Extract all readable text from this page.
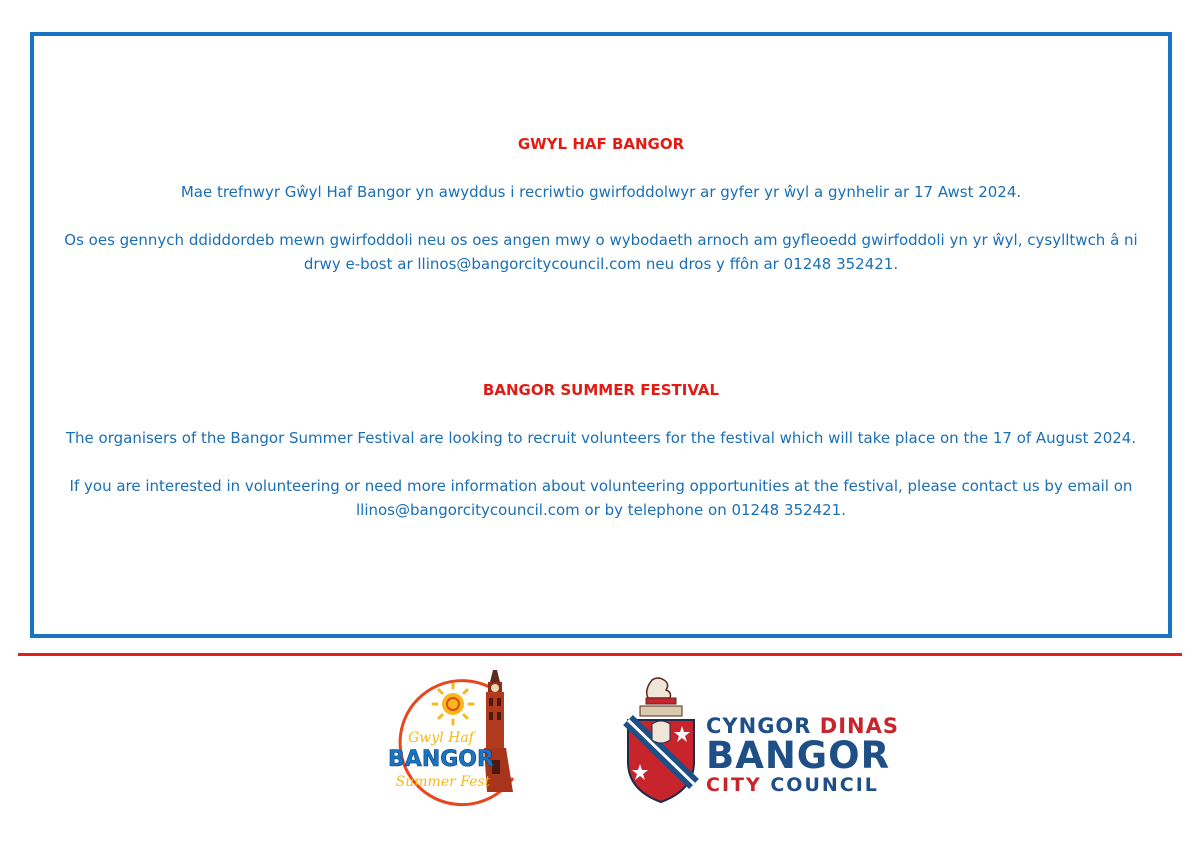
GWYL HAF BANGOR

Mae trefnwyr Gŵyl Haf Bangor yn awyddus i recriwtio gwirfoddolwyr ar gyfer yr ŵyl a gynhelir ar 17 Awst 2024.

Os oes gennych ddiddordeb mewn gwirfoddoli neu os oes angen mwy o wybodaeth arnoch am gyfleoedd gwirfoddoli yn yr ŵyl, cysylltwch â ni

drwy e-bost ar llinos@bangorcitycouncil.com neu dros y ffôn ar 01248 352421.

BANGOR SUMMER FESTIVAL

The organisers of the Bangor Summer Festival are looking to recruit volunteers for the festival which will take place on the 17 of August 2024.

If you are interested in volunteering or need more information about volunteering opportunities at the festival, please contact us by email on

llinos@bangorcitycouncil.com or by telephone on 01248 352421.

Gwyl Haf
BANGOR
Summer Fest
CYNGOR DINAS
BANGOR
CITY COUNCIL
